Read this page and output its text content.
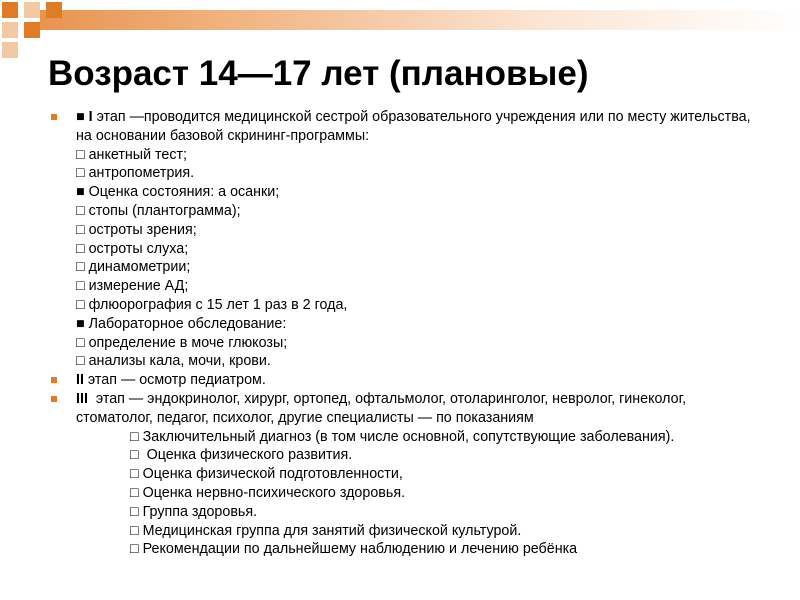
Возраст 14—17 лет (плановые)
■ I этап —проводится медицинской сестрой образовательного учреждения или по месту жительства, на основании базовой скрининг-программы:
□ анкетный тест;
□ антропометрия.
■ Оценка состояния: а осанки;
□ стопы (плантограмма);
□ остроты зрения;
□ остроты слуха;
□ динамометрии;
□ измерение АД;
□ флюорография с 15 лет 1 раз в 2 года,
■ Лабораторное обследование:
□ определение в моче глюкозы;
□ анализы кала, мочи, крови.
II этап — осмотр педиатром.
III  этап — эндокринолог, хирург, ортопед, офтальмолог, отоларинголог, невролог, гинеколог, стоматолог, педагог, психолог, другие специалисты — по показаниям
□ Заключительный диагноз (в том числе основной, сопутствующие заболевания).
□  Оценка физического развития.
□ Оценка физической подготовленности,
□ Оценка нервно-психического здоровья.
□ Группа здоровья.
□ Медицинская группа для занятий физической культурой.
□ Рекомендации по дальнейшему наблюдению и лечению ребёнка
